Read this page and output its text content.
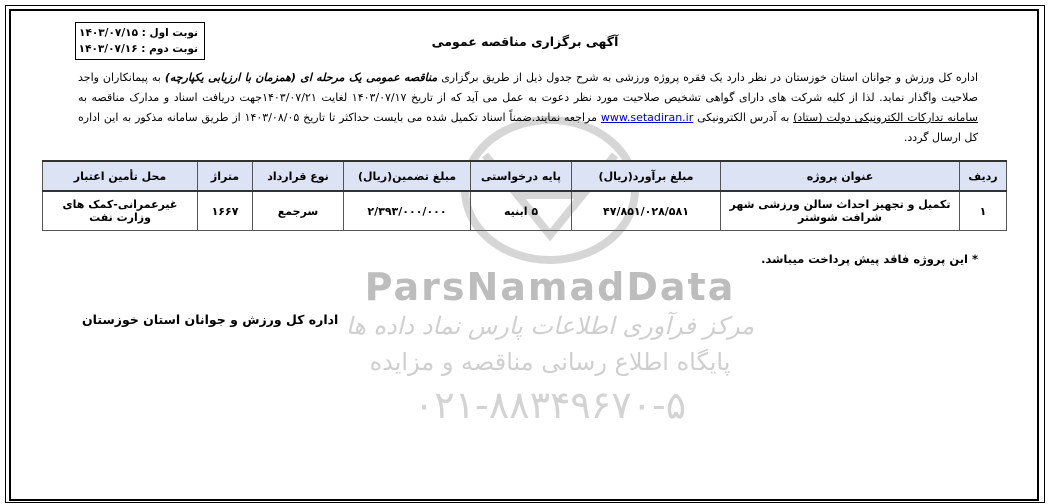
ParsNamadData
مرکز فرآوری اطلاعات پارس نماد داده ها
پایگاه اطلاع رسانی مناقصه و مزایده
۰۲۱-۸۸۳۴۹۶۷۰-۵
نوبت اول : ۱۴۰۳/۰۷/۱۵
نوبت دوم : ۱۴۰۳/۰۷/۱۶	آگهی برگزاری مناقصه عمومی
اداره کل ورزش و جوانان استان خوزستان در نظر دارد یک فقره پروژه ورزشی به شرح جدول ذیل از طریق برگزاری مناقصه عمومی یک مرحله ای (همزمان با ارزیابی یکپارچه) به پیمانکاران واجد صلاحیت واگذار نماید. لذا از کلیه شرکت های دارای گواهی تشخیص صلاحیت مورد نظر دعوت به عمل می آید که از تاریخ ۱۴۰۳/۰۷/۱۷ لغایت ۱۴۰۳/۰۷/۲۱جهت دریافت اسناد و مدارک مناقصه به سامانه تدارکات الکترونیکی دولت (ستاد) به آدرس الکترونیکی www.setadiran.ir مراجعه نمایند.ضمناً اسناد تکمیل شده می بایست حداکثر تا تاریخ ۱۴۰۳/۰۸/۰۵ از طریق سامانه مذکور به این اداره کل ارسال گردد.
ردیف	عنوان پروژه	مبلغ برآورد(ریال)	پایه درخواستی	مبلغ تضمین(ریال)	نوع قرارداد	متراژ	محل تأمین اعتبار
۱	تکمیل و تجهیز احداث سالن ورزشی شهر شرافت شوشتر	۴۷/۸۵۱/۰۲۸/۵۸۱	۵ ابنیه	۲/۳۹۳/۰۰۰/۰۰۰	سرجمع	۱۶۶۷	غیرعمرانی-کمک های وزارت نفت
* این پروژه فاقد پیش پرداخت میباشد.
اداره کل ورزش و جوانان استان خوزستان
